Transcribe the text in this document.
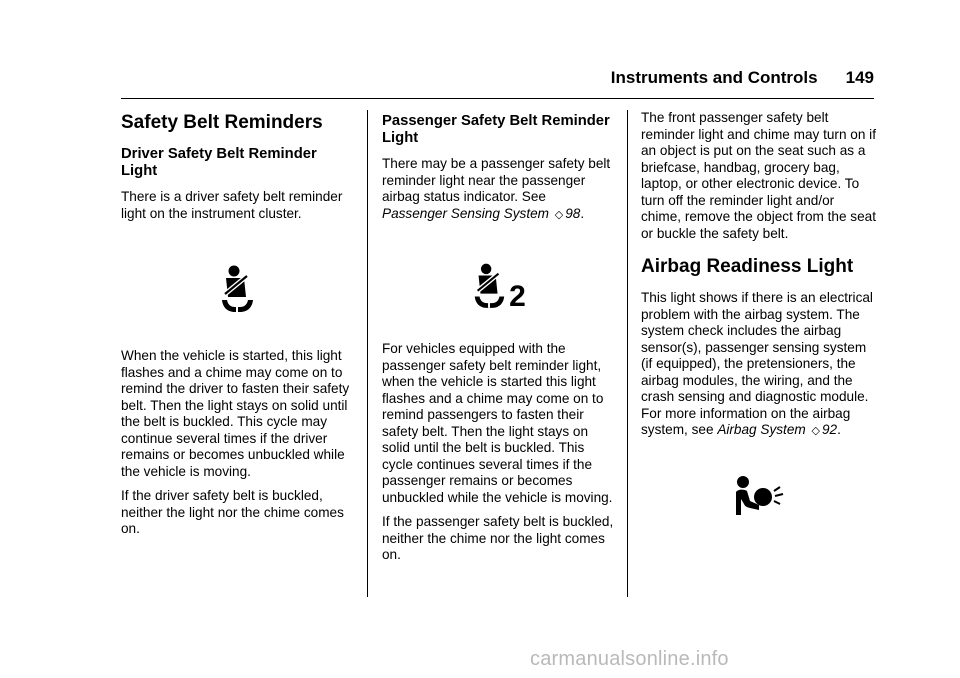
Instruments and Controls 149
Safety Belt Reminders
Driver Safety Belt Reminder Light

There is a driver safety belt reminder light on the instrument cluster.

When the vehicle is started, this light flashes and a chime may come on to remind the driver to fasten their safety belt. Then the light stays on solid until the belt is buckled. This cycle may continue several times if the driver remains or becomes unbuckled while the vehicle is moving.

If the driver safety belt is buckled, neither the light nor the chime comes on.

Passenger Safety Belt Reminder Light

There may be a passenger safety belt reminder light near the passenger airbag status indicator. See Passenger Sensing System ◇ 98.

2

For vehicles equipped with the passenger safety belt reminder light, when the vehicle is started this light flashes and a chime may come on to remind passengers to fasten their safety belt. Then the light stays on solid until the belt is buckled. This cycle continues several times if the passenger remains or becomes unbuckled while the vehicle is moving.

If the passenger safety belt is buckled, neither the chime nor the light comes on.

The front passenger safety belt reminder light and chime may turn on if an object is put on the seat such as a briefcase, handbag, grocery bag, laptop, or other electronic device. To turn off the reminder light and/or chime, remove the object from the seat or buckle the safety belt.

Airbag Readiness Light

This light shows if there is an electrical problem with the airbag system. The system check includes the airbag sensor(s), passenger sensing system (if equipped), the pretensioners, the airbag modules, the wiring, and the crash sensing and diagnostic module. For more information on the airbag system, see Airbag System ◇ 92.

carmanualsonline.info
